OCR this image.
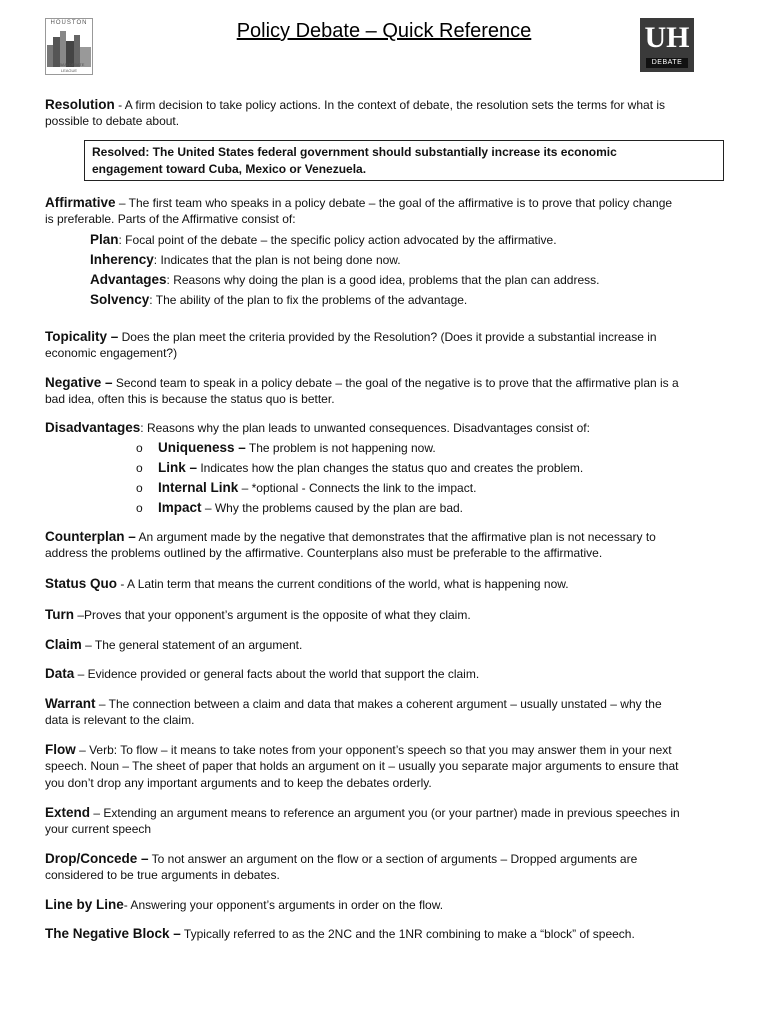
HOUSTON
URBAN DEBATE LEAGUE
Policy Debate – Quick Reference	UH
DEBATE
Resolution - A firm decision to take policy actions. In the context of debate, the resolution sets the terms for what is
possible to debate about.
Resolved: The United States federal government should substantially increase its economic
engagement toward Cuba, Mexico or Venezuela.
Affirmative – The first team who speaks in a policy debate – the goal of the affirmative is to prove that policy change
is preferable. Parts of the Affirmative consist of:
Plan: Focal point of the debate – the specific policy action advocated by the affirmative.
Inherency: Indicates that the plan is not being done now.
Advantages: Reasons why doing the plan is a good idea, problems that the plan can address.
Solvency: The ability of the plan to fix the problems of the advantage.
Topicality – Does the plan meet the criteria provided by the Resolution? (Does it provide a substantial increase in
economic engagement?)
Negative – Second team to speak in a policy debate – the goal of the negative is to prove that the affirmative plan is a
bad idea, often this is because the status quo is better.
Disadvantages: Reasons why the plan leads to unwanted consequences. Disadvantages consist of:
o Uniqueness – The problem is not happening now.
o Link – Indicates how the plan changes the status quo and creates the problem.
o Internal Link – *optional - Connects the link to the impact.
o Impact – Why the problems caused by the plan are bad.
Counterplan – An argument made by the negative that demonstrates that the affirmative plan is not necessary to
address the problems outlined by the affirmative. Counterplans also must be preferable to the affirmative.
Status Quo - A Latin term that means the current conditions of the world, what is happening now.
Turn –Proves that your opponent’s argument is the opposite of what they claim.
Claim – The general statement of an argument.
Data – Evidence provided or general facts about the world that support the claim.
Warrant – The connection between a claim and data that makes a coherent argument – usually unstated – why the
data is relevant to the claim.
Flow – Verb: To flow – it means to take notes from your opponent’s speech so that you may answer them in your next
speech. Noun – The sheet of paper that holds an argument on it – usually you separate major arguments to ensure that
you don’t drop any important arguments and to keep the debates orderly.
Extend – Extending an argument means to reference an argument you (or your partner) made in previous speeches in
your current speech
Drop/Concede – To not answer an argument on the flow or a section of arguments – Dropped arguments are
considered to be true arguments in debates.
Line by Line- Answering your opponent’s arguments in order on the flow.
The Negative Block – Typically referred to as the 2NC and the 1NR combining to make a “block” of speech.
